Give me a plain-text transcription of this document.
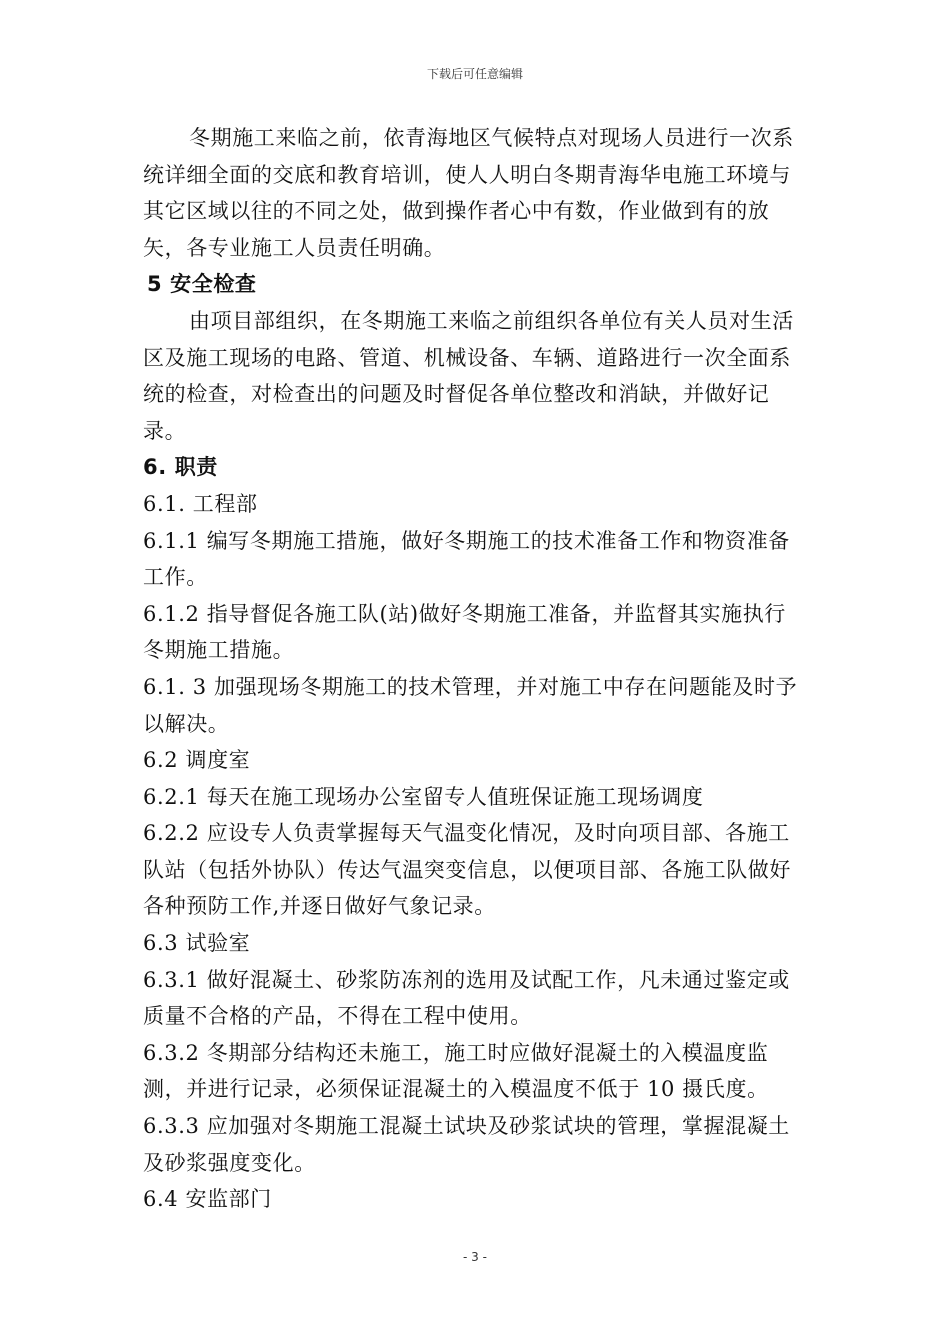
下载后可任意编辑

冬期施工来临之前，依青海地区气候特点对现场人员进行一次系统详细全面的交底和教育培训，使人人明白冬期青海华电施工环境与其它区域以往的不同之处，做到操作者心中有数，作业做到有的放矢，各专业施工人员责任明确。

5 安全检查

由项目部组织，在冬期施工来临之前组织各单位有关人员对生活区及施工现场的电路、管道、机械设备、车辆、道路进行一次全面系统的检查，对检查出的问题及时督促各单位整改和消缺，并做好记录。

6. 职责

6.1. 工程部

6.1.1 编写冬期施工措施，做好冬期施工的技术准备工作和物资准备工作。

6.1.2 指导督促各施工队(站)做好冬期施工准备，并监督其实施执行冬期施工措施。

6.1. 3 加强现场冬期施工的技术管理，并对施工中存在问题能及时予以解决。

6.2 调度室

6.2.1 每天在施工现场办公室留专人值班保证施工现场调度

6.2.2 应设专人负责掌握每天气温变化情况，及时向项目部、各施工队站（包括外协队）传达气温突变信息，以便项目部、各施工队做好各种预防工作,并逐日做好气象记录。

6.3 试验室

6.3.1 做好混凝土、砂浆防冻剂的选用及试配工作，凡未通过鉴定或质量不合格的产品，不得在工程中使用。

6.3.2 冬期部分结构还未施工，施工时应做好混凝土的入模温度监测，并进行记录，必须保证混凝土的入模温度不低于 10 摄氏度。

6.3.3 应加强对冬期施工混凝土试块及砂浆试块的管理，掌握混凝土及砂浆强度变化。

6.4 安监部门

- 3 -
